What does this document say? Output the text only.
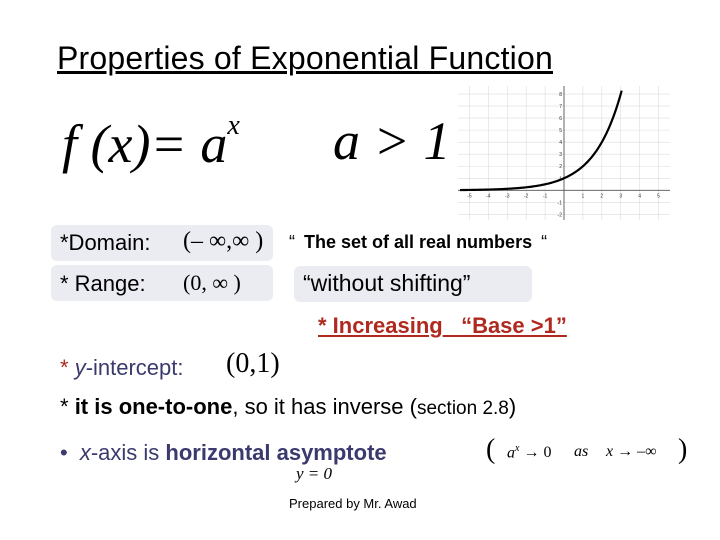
Properties of Exponential Function
f $(x)= a^x$ a > 1
-5	-4	-3	-2	-1	1	2	3	4	5
8
7
6
5
4
3
2
1
-1
-2
*Domain: (– ∞,∞ ) “ The set of all real numbers “
* Range: (0, ∞ )	“without shifting”
* Increasing “Base >1”
* y-intercept: (0,1)
* it is one-to-one, so it has inverse (section 2.8)
• x-axis is horizontal asymptote	( $a^x \to 0$ as x → –∞ )
y = 0
Prepared by Mr. Awad
